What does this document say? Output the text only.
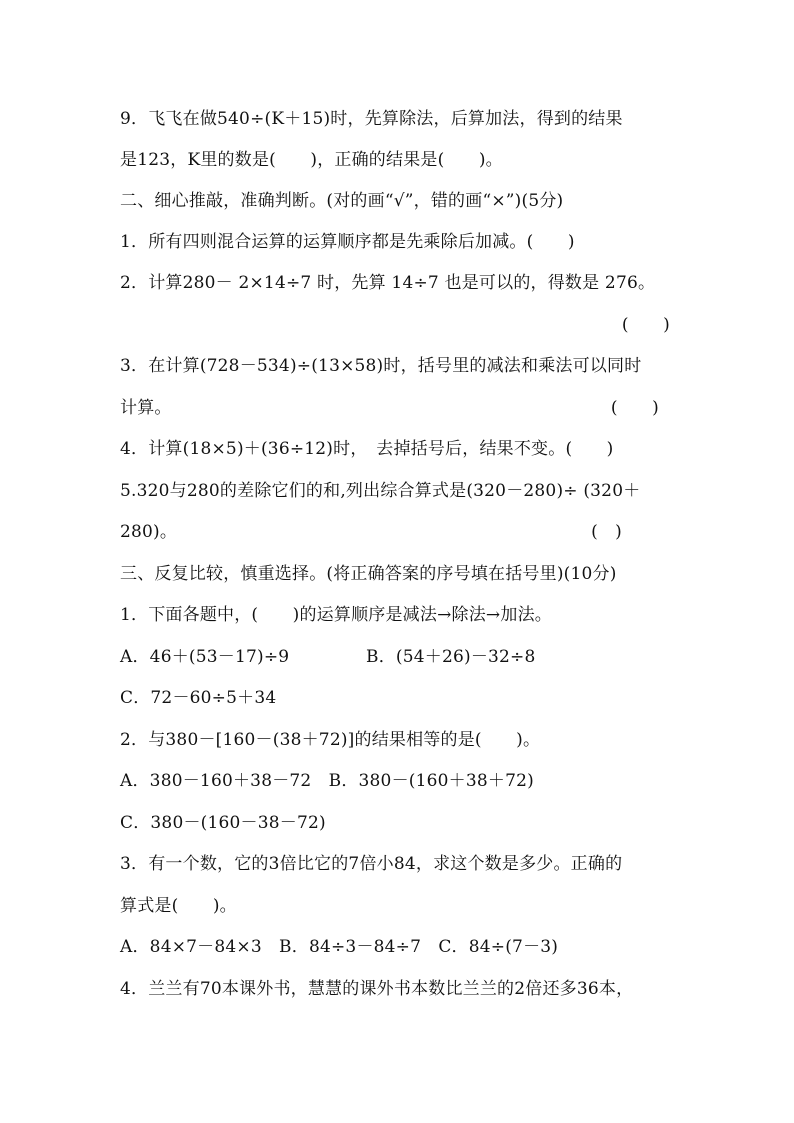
9．飞飞在做540÷(K＋15)时，先算除法，后算加法，得到的结果
是123，K里的数是(　　)，正确的结果是(　　)。
二、细心推敲，准确判断。(对的画“√”，错的画“×”)(5分)
1．所有四则混合运算的运算顺序都是先乘除后加减。(　　)
2．计算280－ 2×14÷7 时，先算 14÷7 也是可以的，得数是 276。
(　　)
3．在计算(728－534)÷(13×58)时，括号里的减法和乘法可以同时
计算。	(　　)
4．计算(18×5)＋(36÷12)时，　去掉括号后，结果不变。(　　)
5.320与280的差除它们的和,列出综合算式是(320－280)÷ (320＋
280)。	(　)
三、反复比较，慎重选择。(将正确答案的序号填在括号里)(10分)
1．下面各题中，(　　)的运算顺序是减法→除法→加法。
A．46＋(53－17)÷9	B．(54＋26)－32÷8
C．72－60÷5＋34
2．与380－[160－(38＋72)]的结果相等的是(　　)。
A．380－160＋38－72　B．380－(160＋38＋72)
C．380－(160－38－72)
3．有一个数，它的3倍比它的7倍小84，求这个数是多少。正确的
算式是(　　)。
A．84×7－84×3　B．84÷3－84÷7　C．84÷(7－3)
4．兰兰有70本课外书，慧慧的课外书本数比兰兰的2倍还多36本，
